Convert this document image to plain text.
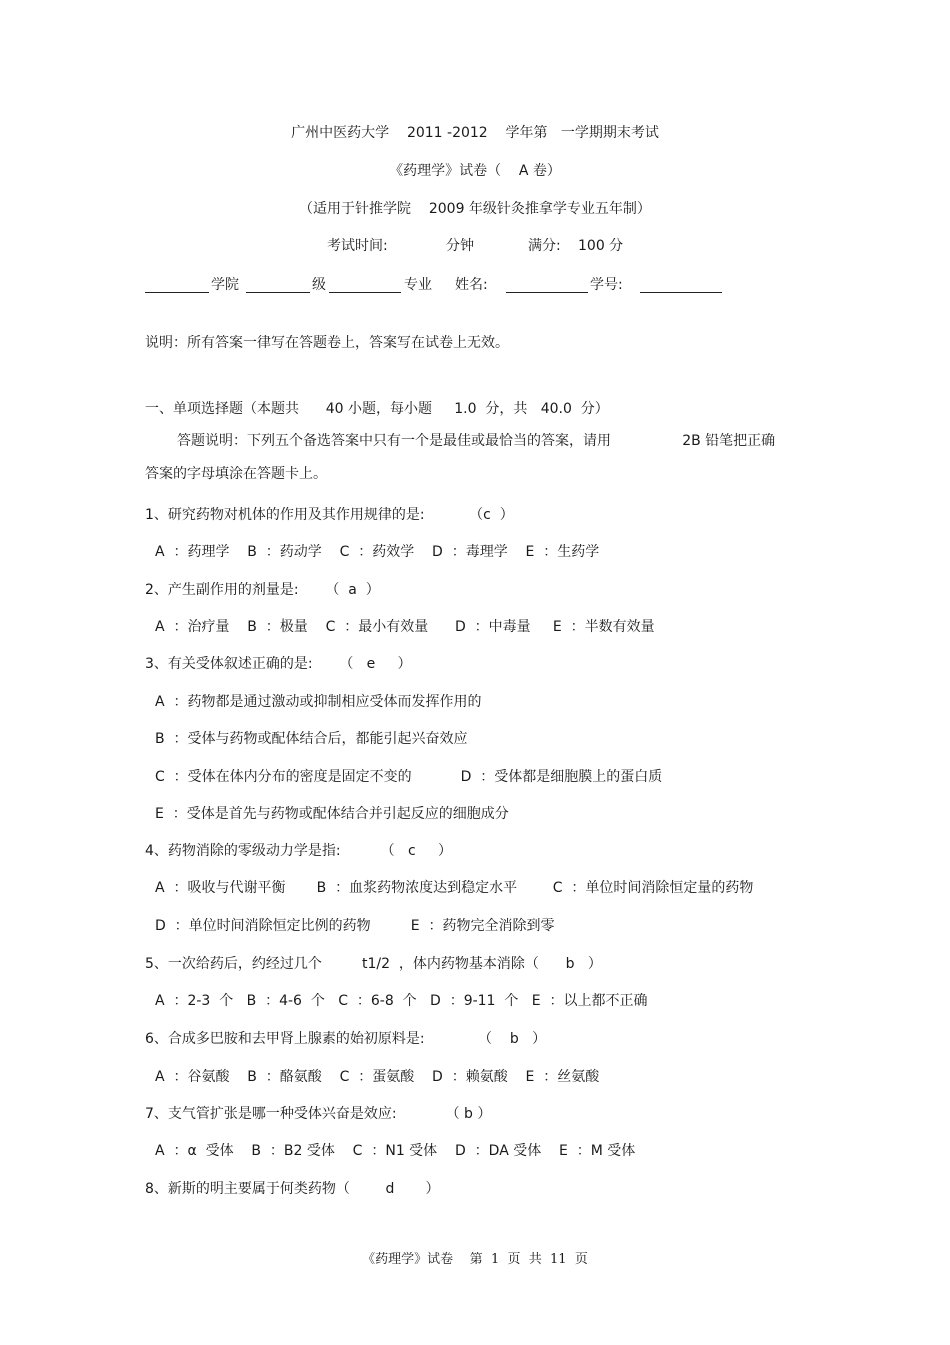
广州中医药大学    2011 -2012    学年第   一学期期末考试
《药理学》试卷（    A 卷）
（适用于针推学院    2009 年级针灸推拿学专业五年制）
考试时间:	分钟	满分: 100 分
学院	级	专业 姓名:	学号:
说明：所有答案一律写在答题卷上，答案写在试卷上无效。
一、单项选择题（本题共      40 小题，每小题     1.0  分，共   40.0  分）
答题说明：下列五个备选答案中只有一个是最佳或最恰当的答案，请用                2B 铅笔把正确
答案的字母填涂在答题卡上。
1、研究药物对机体的作用及其作用规律的是:          （c  ）
A  ：药理学    B  ：药动学    C  ：药效学    D  ：毒理学    E  ：生药学
2、产生副作用的剂量是:      （  a  ）
A  ：治疗量    B  ：极量    C  ：最小有效量      D  ：中毒量     E  ：半数有效量
3、有关受体叙述正确的是:      （   e     ）
A  ：药物都是通过激动或抑制相应受体而发挥作用的
B  ：受体与药物或配体结合后，都能引起兴奋效应
C  ：受体在体内分布的密度是固定不变的           D  ：受体都是细胞膜上的蛋白质
E  ：受体是首先与药物或配体结合并引起反应的细胞成分
4、药物消除的零级动力学是指:         （   c     ）
A  ：吸收与代谢平衡       B  ：血浆药物浓度达到稳定水平        C  ：单位时间消除恒定量的药物
D  ：单位时间消除恒定比例的药物         E  ：药物完全消除到零
5、一次给药后，约经过几个         t1/2  ，体内药物基本消除（      b   ）
A  ：2-3  个   B  ：4-6  个   C  ：6-8  个   D  ：9-11  个   E  ：以上都不正确
6、合成多巴胺和去甲肾上腺素的始初原料是:            （    b   ）
A  ：谷氨酸    B  ：酪氨酸    C  ：蛋氨酸    D  ：赖氨酸    E  ：丝氨酸
7、支气管扩张是哪一种受体兴奋是效应:           （ b ）
A  ：α  受体    B  ：B2 受体    C  ：N1 受体    D  ：DA 受体    E  ：M 受体
8、新斯的明主要属于何类药物（        d       ）
《药理学》试卷    第  1  页  共  11  页
